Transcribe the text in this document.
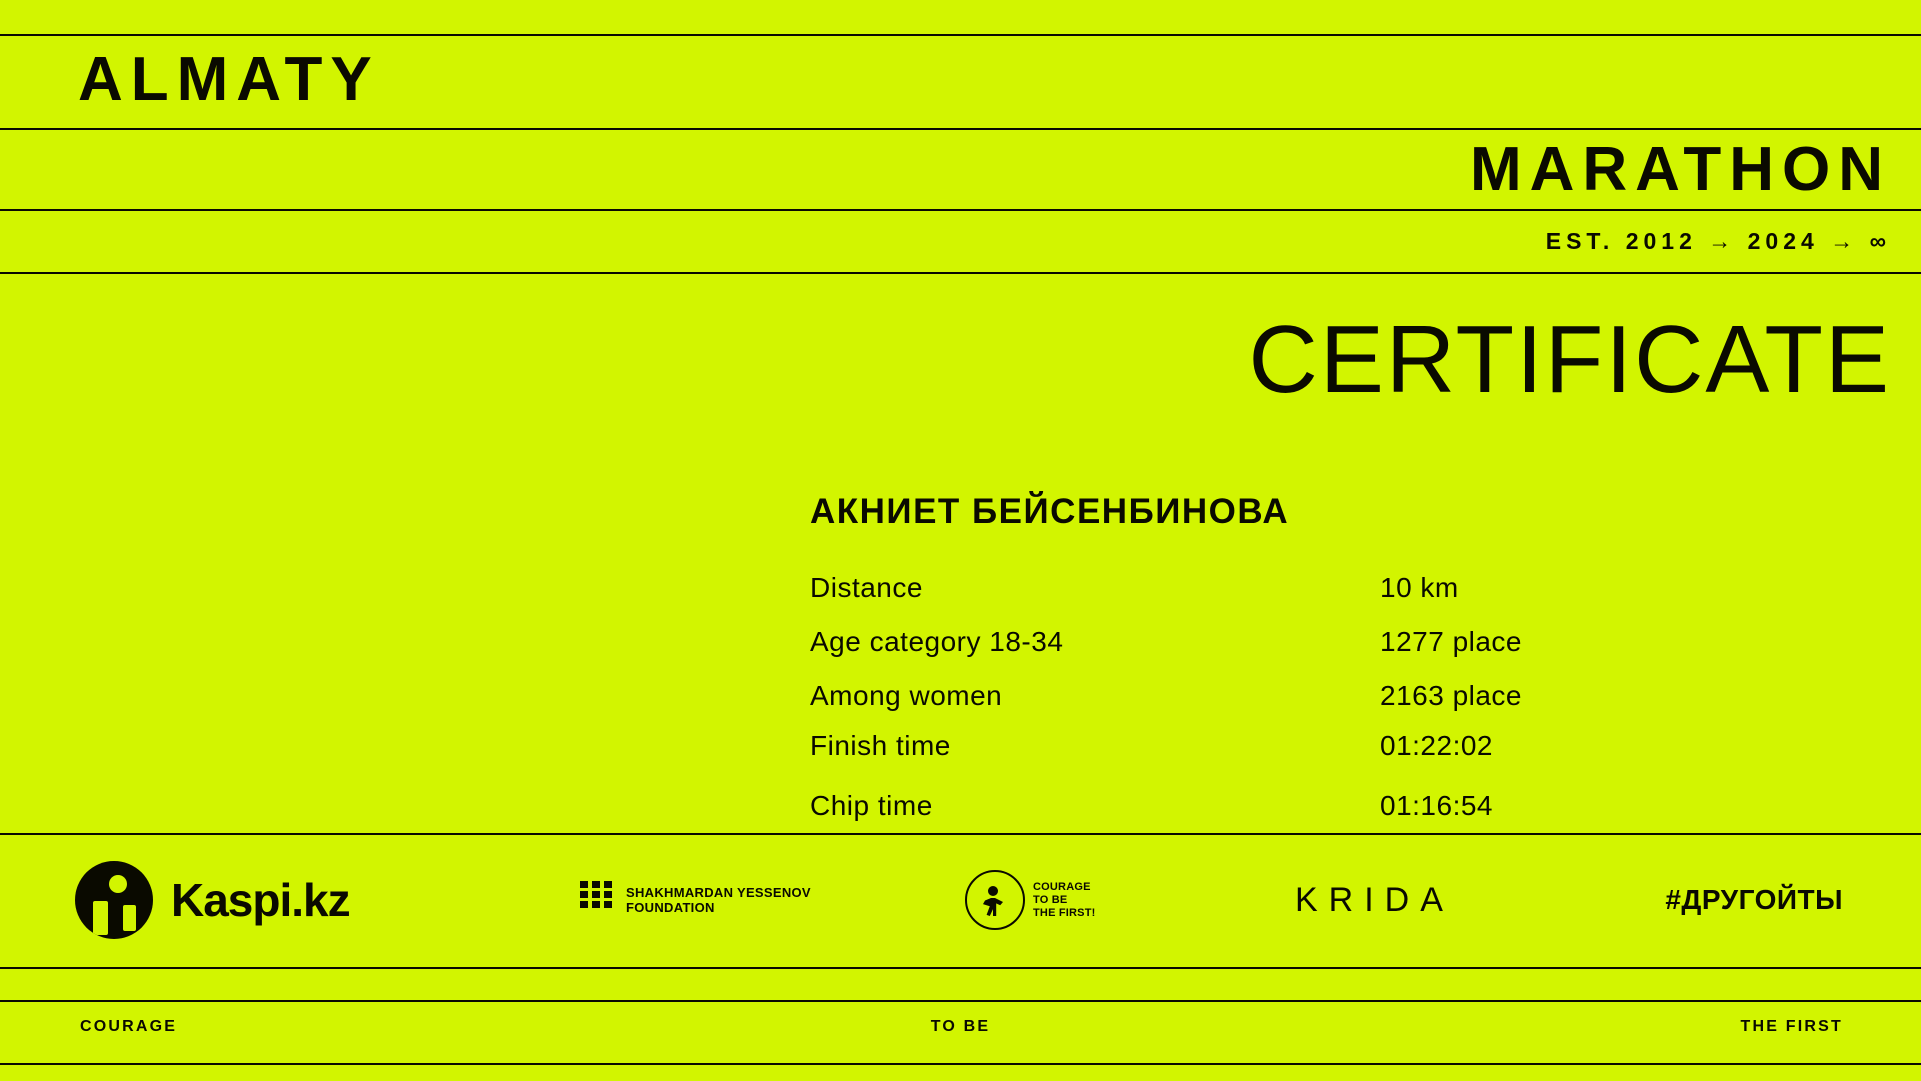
ALMATY
MARATHON
EST. 2012 → 2024 → ∞
CERTIFICATE
АКНИЕТ БЕЙСЕНБИНОВА
Distance	10 km
Age category 18-34	1277 place
Among women	2163 place
Finish time	01:22:02
Chip time	01:16:54
Kaspi.kz	SHAKHMARDAN YESSENOV
FOUNDATION
COURAGE
TO BE
THE FIRST!	KRIDA	#ДРУГОЙТЫ
COURAGE	TO BE	THE FIRST
